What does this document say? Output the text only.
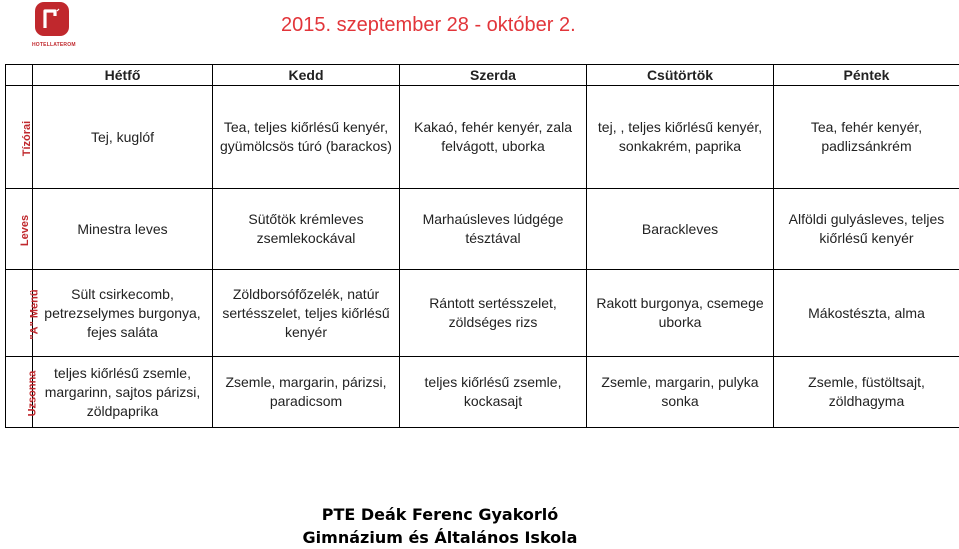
HOTELLATEROM
2015. szeptember 28 - október 2.
	Hétfő	Kedd	Szerda	Csütörtök	Péntek
Tízórai	Tej, kuglóf	Tea, teljes kiőrlésű kenyér, gyümölcsös túró (barackos)	Kakaó, fehér kenyér, zala felvágott, uborka	tej, , teljes kiőrlésű kenyér, sonkakrém, paprika	Tea, fehér kenyér, padlizsánkrém
Leves	Minestra leves	Sütőtök krémleves zsemlekockával	Marhaúsleves lúdgége tésztával	Barackleves	Alföldi gulyásleves, teljes kiőrlésű kenyér
"A" Menü	Sült csirkecomb, petrezselymes burgonya, fejes saláta	Zöldborsófőzelék, natúr sertésszelet, teljes kiőrlésű kenyér	Rántott sertésszelet, zöldséges rizs	Rakott burgonya, csemege uborka	Mákostészta, alma
Uzsonna	teljes kiőrlésű zsemle, margarinn, sajtos párizsi, zöldpaprika	Zsemle, margarin, párizsi, paradicsom	teljes kiőrlésű zsemle, kockasajt	Zsemle, margarin, pulyka sonka	Zsemle, füstöltsajt, zöldhagyma
PTE Deák Ferenc Gyakorló
Gimnázium és Általános Iskola
